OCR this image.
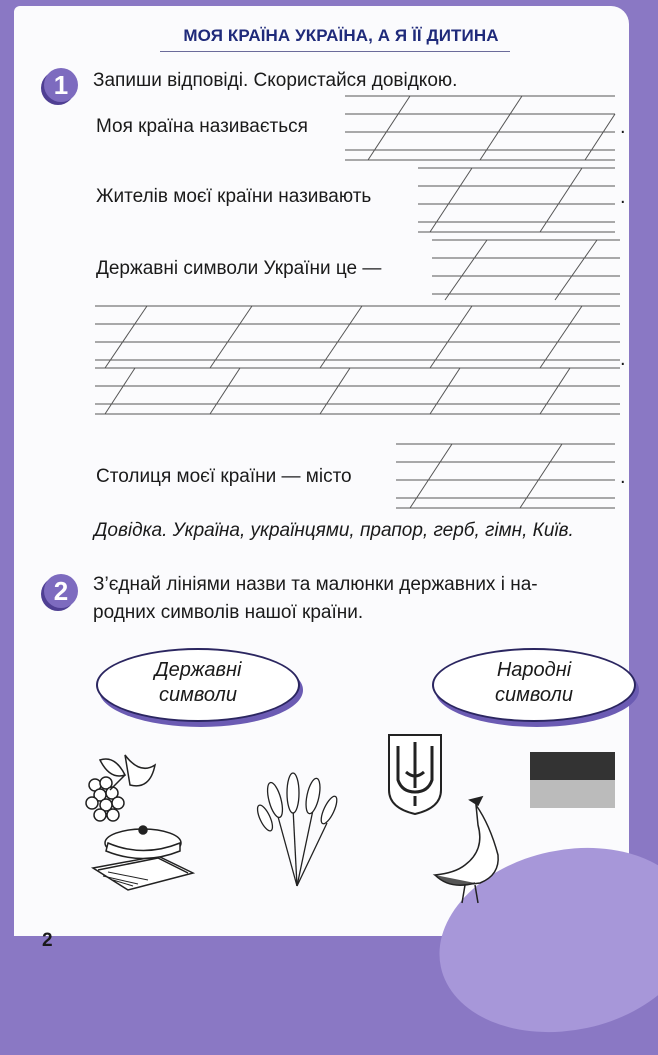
МОЯ КРАЇНА УКРАЇНА, А Я ЇЇ ДИТИНА
1	Запиши відповіді. Скористайся довідкою.
Моя країна називається	.
Жителів моєї країни називають	.
Державні символи України це —
.
Столиця моєї країни — місто	.
Довідка. Україна, українцями, прапор, герб, гімн, Київ.
2	З’єднай лініями назви та малюнки державних і на-
родних символів нашої країни.
Державні
символи
Народні
символи
2
